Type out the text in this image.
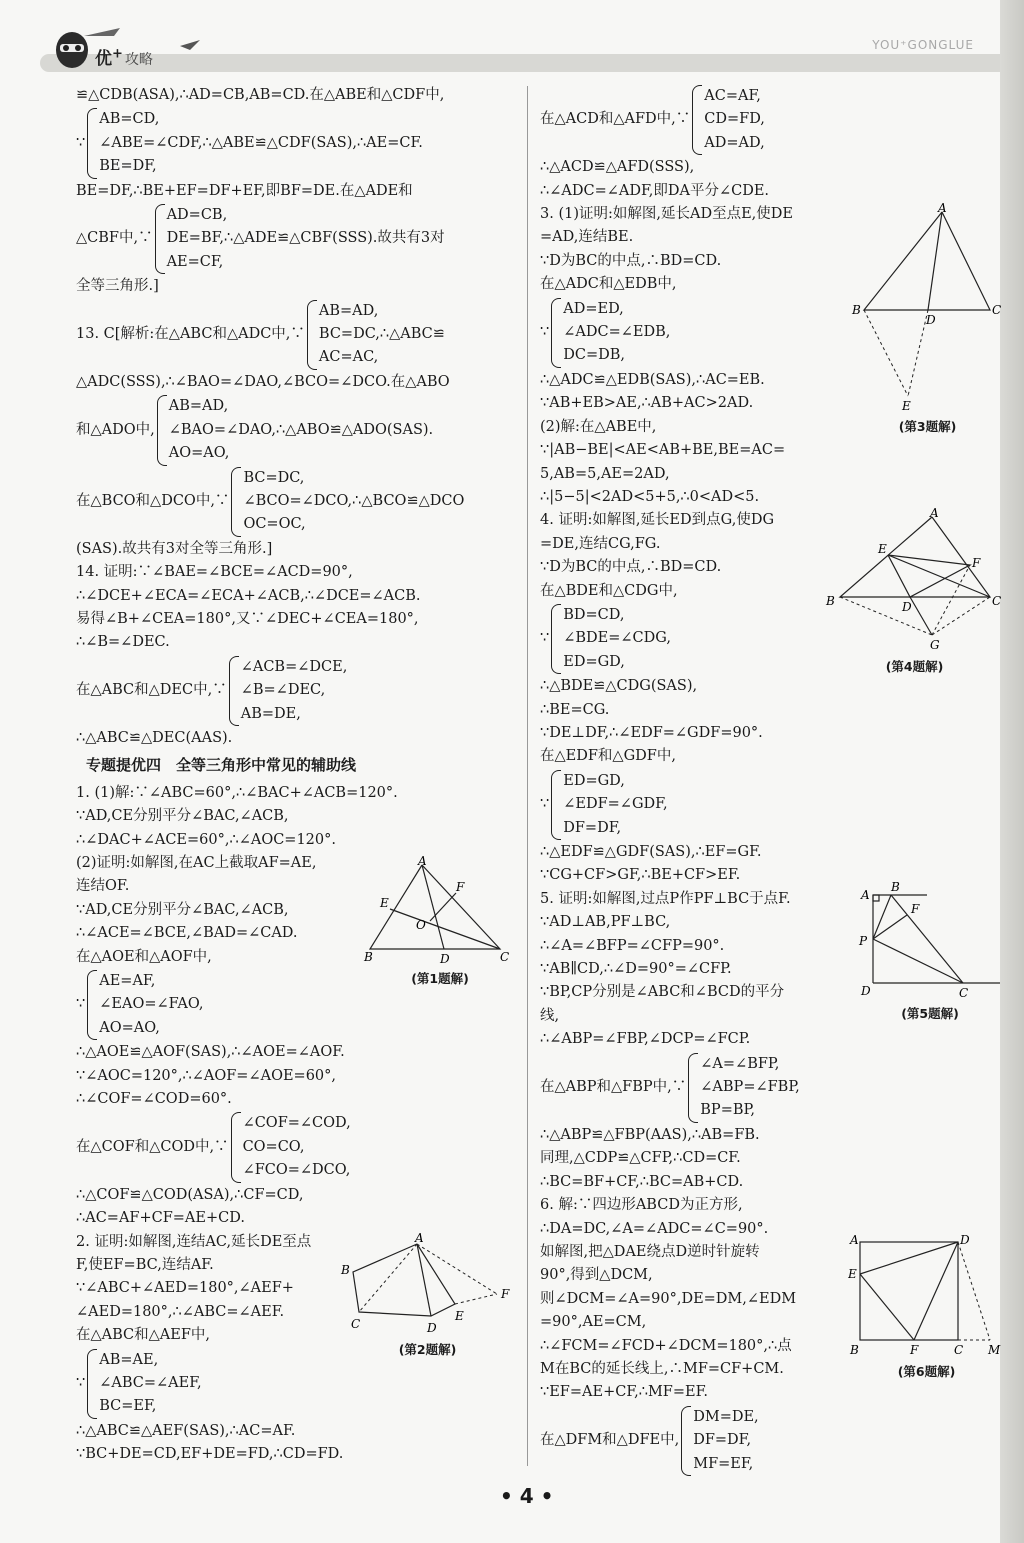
优+ 攻略
YOU⁺GONGLUE
≌△CDB(ASA),∴AD=CB,AB=CD.在△ABE和△CDF中,
∵
AB=CD,
∠ABE=∠CDF,∴△ABE≌△CDF(SAS),∴AE=CF.
BE=DF,
BE=DF,∴BE+EF=DF+EF,即BF=DE.在△ADE和
△CBF中,∵
AD=CB,
DE=BF,∴△ADE≌△CBF(SSS).故共有3对
AE=CF,
全等三角形.]
13. C[解析:在△ABC和△ADC中,∵
AB=AD,
BC=DC,∴△ABC≌
AC=AC,
△ADC(SSS),∴∠BAO=∠DAO,∠BCO=∠DCO.在△ABO
和△ADO中,
AB=AD,
∠BAO=∠DAO,∴△ABO≌△ADO(SAS).
AO=AO,
在△BCO和△DCO中,∵
BC=DC,
∠BCO=∠DCO,∴△BCO≌△DCO
OC=OC,
(SAS).故共有3对全等三角形.]
14. 证明:∵∠BAE=∠BCE=∠ACD=90°,
∴∠DCE+∠ECA=∠ECA+∠ACB,∴∠DCE=∠ACB.
易得∠B+∠CEA=180°,又∵∠DEC+∠CEA=180°,
∴∠B=∠DEC.
在△ABC和△DEC中,∵
∠ACB=∠DCE,
∠B=∠DEC,
AB=DE,
∴△ABC≌△DEC(AAS).
专题提优四　全等三角形中常见的辅助线
1. (1)解:∵∠ABC=60°,∴∠BAC+∠ACB=120°.
∵AD,CE分别平分∠BAC,∠ACB,
∴∠DAC+∠ACE=60°,∴∠AOC=120°.
(2)证明:如解图,在AC上截取AF=AE,
连结OF.
∵AD,CE分别平分∠BAC,∠ACB,
∴∠ACE=∠BCE,∠BAD=∠CAD.
在△AOE和△AOF中,
∵
AE=AF,
∠EAO=∠FAO,
AO=AO,
∴△AOE≌△AOF(SAS),∴∠AOE=∠AOF.
∵∠AOC=120°,∴∠AOF=∠AOE=60°,
∴∠COF=∠COD=60°.
在△COF和△COD中,∵
∠COF=∠COD,
CO=CO,
∠FCO=∠DCO,
∴△COF≌△COD(ASA),∴CF=CD,
∴AC=AF+CF=AE+CD.
2. 证明:如解图,连结AC,延长DE至点
F,使EF=BC,连结AF.
∵∠ABC+∠AED=180°,∠AEF+
∠AED=180°,∴∠ABC=∠AEF.
在△ABC和△AEF中,
∵
AB=AE,
∠ABC=∠AEF,
BC=EF,
∴△ABC≌△AEF(SAS),∴AC=AF.
∵BC+DE=CD,EF+DE=FD,∴CD=FD.
在△ACD和△AFD中,∵
AC=AF,
CD=FD,
AD=AD,
∴△ACD≌△AFD(SSS),
∴∠ADC=∠ADF,即DA平分∠CDE.
3. (1)证明:如解图,延长AD至点E,使DE
=AD,连结BE.
∵D为BC的中点,∴BD=CD.
在△ADC和△EDB中,
∵
AD=ED,
∠ADC=∠EDB,
DC=DB,
∴△ADC≌△EDB(SAS),∴AC=EB.
∵AB+EB>AE,∴AB+AC>2AD.
(2)解:在△ABE中,
∵|AB−BE|<AE<AB+BE,BE=AC=
5,AB=5,AE=2AD,
∴|5−5|<2AD<5+5,∴0<AD<5.
4. 证明:如解图,延长ED到点G,使DG
=DE,连结CG,FG.
∵D为BC的中点,∴BD=CD.
在△BDE和△CDG中,
∵
BD=CD,
∠BDE=∠CDG,
ED=GD,
∴△BDE≌△CDG(SAS),
∴BE=CG.
∵DE⊥DF,∴∠EDF=∠GDF=90°.
在△EDF和△GDF中,
∵
ED=GD,
∠EDF=∠GDF,
DF=DF,
∴△EDF≌△GDF(SAS),∴EF=GF.
∵CG+CF>GF,∴BE+CF>EF.
5. 证明:如解图,过点P作PF⊥BC于点F.
∵AD⊥AB,PF⊥BC,
∴∠A=∠BFP=∠CFP=90°.
∵AB∥CD,∴∠D=90°=∠CFP.
∵BP,CP分别是∠ABC和∠BCD的平分
线,
∴∠ABP=∠FBP,∠DCP=∠FCP.
在△ABP和△FBP中,∵
∠A=∠BFP,
∠ABP=∠FBP,
BP=BP,
∴△ABP≌△FBP(AAS),∴AB=FB.
同理,△CDP≌△CFP,∴CD=CF.
∴BC=BF+CF,∴BC=AB+CD.
6. 解:∵四边形ABCD为正方形,
∴DA=DC,∠A=∠ADC=∠C=90°.
如解图,把△DAE绕点D逆时针旋转
90°,得到△DCM,
则∠DCM=∠A=90°,DE=DM,∠EDM
=90°,AE=CM,
∴∠FCM=∠FCD+∠DCM=180°,∴点
M在BC的延长线上,∴MF=CF+CM.
∵EF=AE+CF,∴MF=EF.
在△DFM和△DFE中,
DM=DE,
DF=DF,
MF=EF,
A
B	C
D
E
F
O
(第1题解)
A
B
C	D
E
F
(第2题解)
A
B	C
D
E
(第3题解)
A
B	C
D
E
F
G
(第4题解)
A
B
C
D
F
P
(第5题解)
A
B	C
D
E
F	M
(第6题解)
• 4 •
